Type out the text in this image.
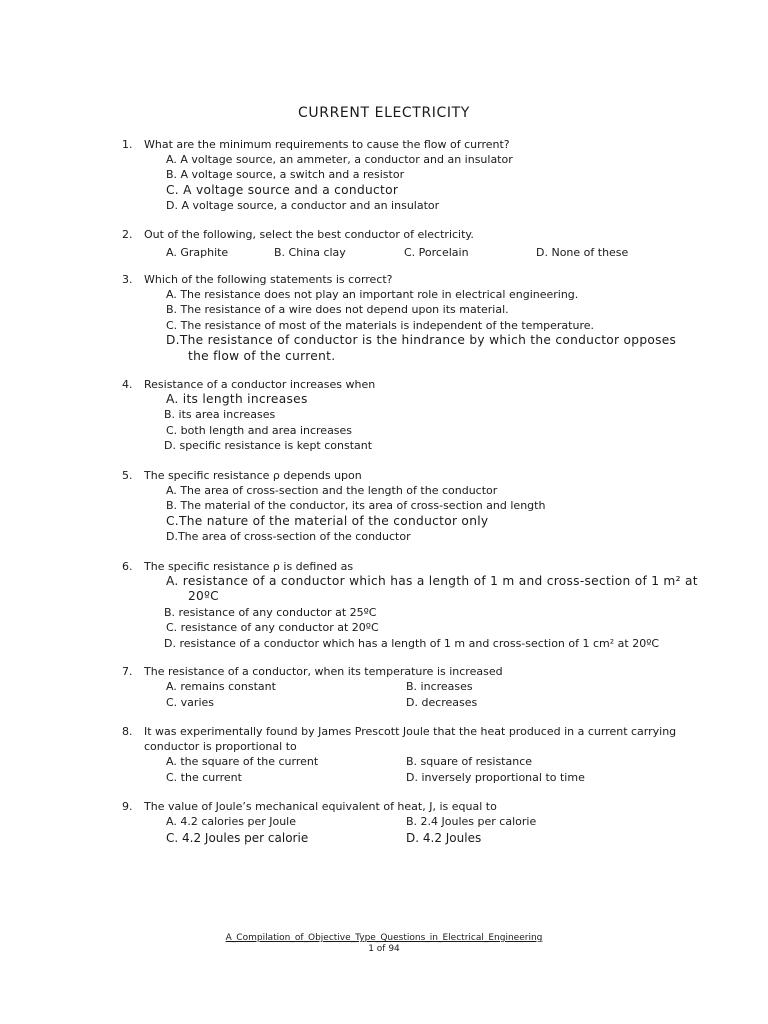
CURRENT ELECTRICITY
1.	What are the minimum requirements to cause the flow of current?
A. A voltage source, an ammeter, a conductor and an insulator
B. A voltage source, a switch and a resistor
C. A voltage source and a conductor
D. A voltage source, a conductor and an insulator
2.	Out of the following, select the best conductor of electricity.
A. Graphite	B. China clay	C. Porcelain	D. None of these
3.	Which of the following statements is correct?
A. The resistance does not play an important role in electrical engineering.
B. The resistance of a wire does not depend upon its material.
C. The resistance of most of the materials is independent of the temperature.
D.The resistance of conductor is the hindrance by which the conductor opposes the flow of the current.
4.	Resistance of a conductor increases when
A. its length increases
B. its area increases
C. both length and area increases
D. specific resistance is kept constant
5.	The specific resistance ρ depends upon
A. The area of cross-section and the length of the conductor
B. The material of the conductor, its area of cross-section and length
C.The nature of the material of the conductor only
D.The area of cross-section of the conductor
6.	The specific resistance ρ is defined as
A. resistance of a conductor which has a length of 1 m and cross-section of 1 m² at 20ºC
B. resistance of any conductor at 25ºC
C. resistance of any conductor at 20ºC
D. resistance of a conductor which has a length of 1 m and cross-section of 1 cm² at 20ºC
7.	The resistance of a conductor, when its temperature is increased
A. remains constant	B. increases
C. varies	D. decreases
8.	It was experimentally found by James Prescott Joule that the heat produced in a current carrying conductor is proportional to
A. the square of the current	B. square of resistance
C. the current	D. inversely proportional to time
9.	The value of Joule’s mechanical equivalent of heat, J, is equal to
A. 4.2 calories per Joule	B. 2.4 Joules per calorie
C. 4.2 Joules per calorie	D. 4.2 Joules
A_Compilation_of_Objective_Type_Questions_in_Electrical_Engineering
1 of 94
